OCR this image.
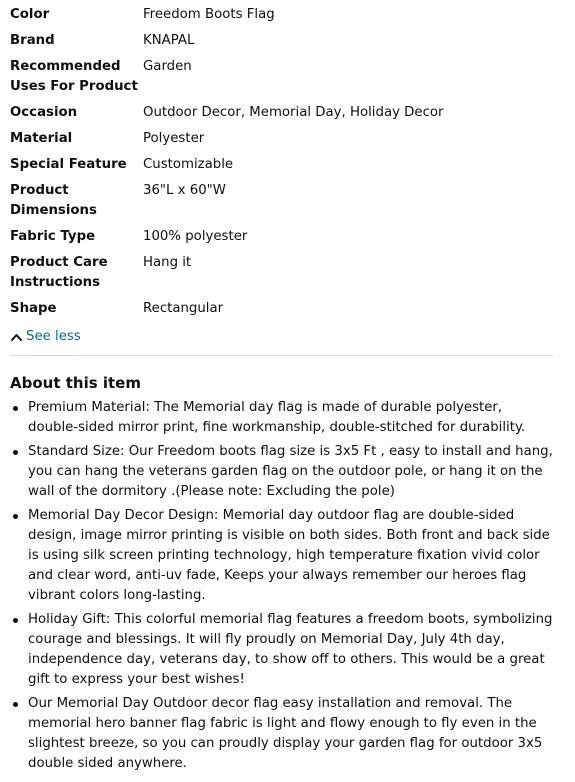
Color	Freedom Boots Flag
Brand	KNAPAL
Recommended Uses For Product	Garden
Occasion	Outdoor Decor, Memorial Day, Holiday Decor
Material	Polyester
Special Feature	Customizable
Product Dimensions	36"L x 60"W
Fabric Type	100% polyester
Product Care Instructions	Hang it
Shape	Rectangular
See less
About this item
Premium Material: The Memorial day flag is made of durable polyester, double-sided mirror print, fine workmanship, double-stitched for durability.
Standard Size: Our Freedom boots flag size is 3x5 Ft , easy to install and hang, you can hang the veterans garden flag on the outdoor pole, or hang it on the wall of the dormitory .(Please note: Excluding the pole)
Memorial Day Decor Design: Memorial day outdoor flag are double-sided design, image mirror printing is visible on both sides. Both front and back side is using silk screen printing technology, high temperature fixation vivid color and clear word, anti-uv fade, Keeps your always remember our heroes flag vibrant colors long-lasting.
Holiday Gift: This colorful memorial flag features a freedom boots, symbolizing courage and blessings. It will fly proudly on Memorial Day, July 4th day, independence day, veterans day, to show off to others. This would be a great gift to express your best wishes!
Our Memorial Day Outdoor decor flag easy installation and removal. The memorial hero banner flag fabric is light and flowy enough to fly even in the slightest breeze, so you can proudly display your garden flag for outdoor 3x5 double sided anywhere.
